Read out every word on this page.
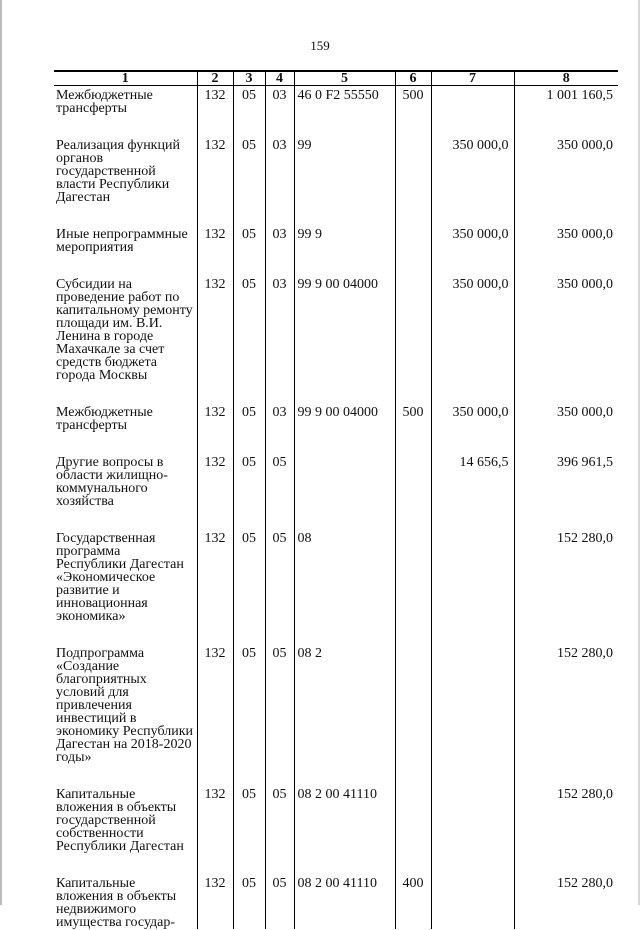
159
1	2	3	4	5	6	7	8
Межбюджетные трансферты	132	05	03	46 0 F2 55550	500		1 001 160,5
Реализация функций органов государственной власти Республики Дагестан	132	05	03	99		350 000,0	350 000,0
Иные непрограммные мероприятия	132	05	03	99 9		350 000,0	350 000,0
Субсидии на проведение работ по капитальному ремонту площади им. В.И. Ленина в городе Махачкале за счет средств бюджета города Москвы	132	05	03	99 9 00 04000		350 000,0	350 000,0
Межбюджетные трансферты	132	05	03	99 9 00 04000	500	350 000,0	350 000,0
Другие вопросы в области жилищно-коммунального хозяйства	132	05	05			14 656,5	396 961,5
Государственная программа Республики Дагестан «Экономическое развитие и инновационная экономика»	132	05	05	08			152 280,0
Подпрограмма «Создание благоприятных условий для привлечения инвестиций в экономику Республики Дагестан на 2018-2020 годы»	132	05	05	08 2			152 280,0
Капитальные вложения в объекты государственной собственности Республики Дагестан	132	05	05	08 2 00 41110			152 280,0
Капитальные вложения в объекты недвижимого имущества государ-	132	05	05	08 2 00 41110	400		152 280,0
